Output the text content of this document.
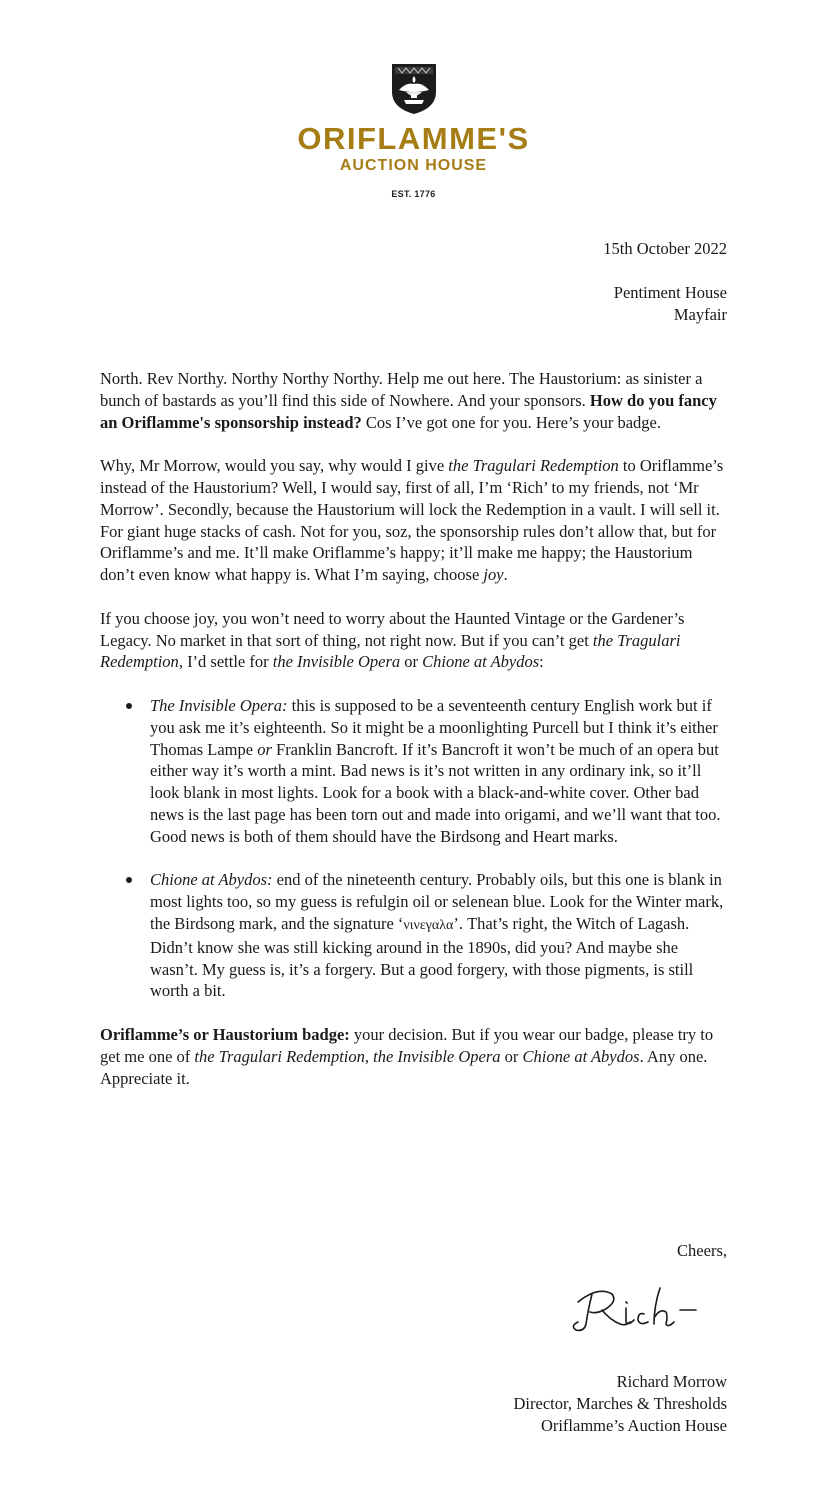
ORIFLAMME'S
AUCTION HOUSE
EST. 1776
15th October 2022
Pentiment House
Mayfair

North. Rev Northy. Northy Northy Northy. Help me out here. The Haustorium: as sinister a bunch of bastards as you’ll find this side of Nowhere. And your sponsors. How do you fancy an Oriflamme's sponsorship instead? Cos I’ve got one for you. Here’s your badge.

Why, Mr Morrow, would you say, why would I give the Tragulari Redemption to Oriflamme’s instead of the Haustorium? Well, I would say, first of all, I’m ‘Rich’ to my friends, not ‘Mr Morrow’. Secondly, because the Haustorium will lock the Redemption in a vault. I will sell it. For giant huge stacks of cash. Not for you, soz, the sponsorship rules don’t allow that, but for Oriflamme’s and me. It’ll make Oriflamme’s happy; it’ll make me happy; the Haustorium don’t even know what happy is. What I’m saying, choose joy.

If you choose joy, you won’t need to worry about the Haunted Vintage or the Gardener’s Legacy. No market in that sort of thing, not right now. But if you can’t get the Tragulari Redemption, I’d settle for the Invisible Opera or Chione at Abydos:

The Invisible Opera: this is supposed to be a seventeenth century English work but if you ask me it’s eighteenth. So it might be a moonlighting Purcell but I think it’s either Thomas Lampe or Franklin Bancroft. If it’s Bancroft it won’t be much of an opera but either way it’s worth a mint. Bad news is it’s not written in any ordinary ink, so it’ll look blank in most lights. Look for a book with a black-and-white cover. Other bad news is the last page has been torn out and made into origami, and we’ll want that too. Good news is both of them should have the Birdsong and Heart marks.
Chione at Abydos: end of the nineteenth century. Probably oils, but this one is blank in most lights too, so my guess is refulgin oil or selenean blue. Look for the Winter mark, the Birdsong mark, and the signature ‘νινεγαλα’. That’s right, the Witch of Lagash. Didn’t know she was still kicking around in the 1890s, did you? And maybe she wasn’t. My guess is, it’s a forgery. But a good forgery, with those pigments, is still worth a bit.

Oriflamme’s or Haustorium badge: your decision. But if you wear our badge, please try to get me one of the Tragulari Redemption, the Invisible Opera or Chione at Abydos. Any one. Appreciate it.

Cheers,
Richard Morrow
Director, Marches & Thresholds
Oriflamme’s Auction House
